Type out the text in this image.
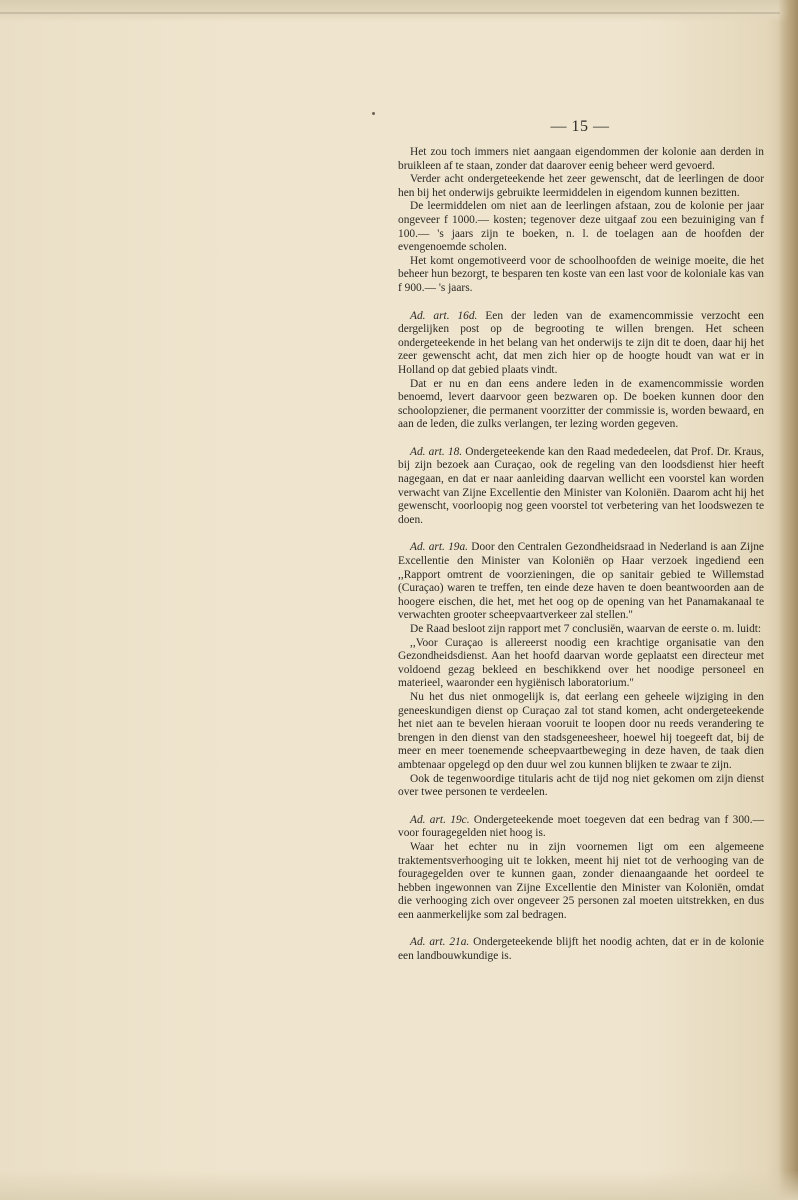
— 15 —

Het zou toch immers niet aangaan eigendommen der kolonie aan derden in bruikleen af te staan, zonder dat daarover eenig beheer werd gevoerd.

Verder acht ondergeteekende het zeer gewenscht, dat de leerlingen de door hen bij het onderwijs gebruikte leermiddelen in eigendom kunnen bezitten.

De leermiddelen om niet aan de leerlingen afstaan, zou de kolonie per jaar ongeveer f 1000.— kosten; tegenover deze uitgaaf zou een bezuiniging van f 100.— 's jaars zijn te boeken, n. l. de toelagen aan de hoofden der evengenoemde scholen.

Het komt ongemotiveerd voor de schoolhoofden de weinige moeite, die het beheer hun bezorgt, te besparen ten koste van een last voor de koloniale kas van f 900.— 's jaars.

Ad. art. 16d. Een der leden van de examencommissie verzocht een dergelijken post op de begrooting te willen brengen. Het scheen ondergeteekende in het belang van het onderwijs te zijn dit te doen, daar hij het zeer gewenscht acht, dat men zich hier op de hoogte houdt van wat er in Holland op dat gebied plaats vindt.

Dat er nu en dan eens andere leden in de examencommissie worden benoemd, levert daarvoor geen bezwaren op. De boeken kunnen door den schoolopziener, die permanent voorzitter der commissie is, worden bewaard, en aan de leden, die zulks verlangen, ter lezing worden gegeven.

Ad. art. 18. Ondergeteekende kan den Raad mededeelen, dat Prof. Dr. Kraus, bij zijn bezoek aan Curaçao, ook de regeling van den loodsdienst hier heeft nagegaan, en dat er naar aanleiding daarvan wellicht een voorstel kan worden verwacht van Zijne Excellentie den Minister van Koloniën. Daarom acht hij het gewenscht, voorloopig nog geen voorstel tot verbetering van het loodswezen te doen.

Ad. art. 19a. Door den Centralen Gezondheidsraad in Nederland is aan Zijne Excellentie den Minister van Koloniën op Haar verzoek ingediend een ,,Rapport omtrent de voorzieningen, die op sanitair gebied te Willemstad (Curaçao) waren te treffen, ten einde deze haven te doen beantwoorden aan de hoogere eischen, die het, met het oog op de opening van het Panamakanaal te verwachten grooter scheepvaartverkeer zal stellen.''

De Raad besloot zijn rapport met 7 conclusiën, waarvan de eerste o. m. luidt:

,,Voor Curaçao is allereerst noodig een krachtige organisatie van den Gezondheidsdienst. Aan het hoofd daarvan worde geplaatst een directeur met voldoend gezag bekleed en beschikkend over het noodige personeel en materieel, waaronder een hygiënisch laboratorium.''

Nu het dus niet onmogelijk is, dat eerlang een geheele wijziging in den geneeskundigen dienst op Curaçao zal tot stand komen, acht ondergeteekende het niet aan te bevelen hieraan vooruit te loopen door nu reeds verandering te brengen in den dienst van den stadsgeneesheer, hoewel hij toegeeft dat, bij de meer en meer toenemende scheepvaartbeweging in deze haven, de taak dien ambtenaar opgelegd op den duur wel zou kunnen blijken te zwaar te zijn.

Ook de tegenwoordige titularis acht de tijd nog niet gekomen om zijn dienst over twee personen te verdeelen.

Ad. art. 19c. Ondergeteekende moet toegeven dat een bedrag van f 300.— voor fouragegelden niet hoog is.

Waar het echter nu in zijn voornemen ligt om een algemeene traktementsverhooging uit te lokken, meent hij niet tot de verhooging van de fouragegelden over te kunnen gaan, zonder dienaangaande het oordeel te hebben ingewonnen van Zijne Excellentie den Minister van Koloniën, omdat die verhooging zich over ongeveer 25 personen zal moeten uitstrekken, en dus een aanmerkelijke som zal bedragen.

Ad. art. 21a. Ondergeteekende blijft het noodig achten, dat er in de kolonie een landbouwkundige is.
